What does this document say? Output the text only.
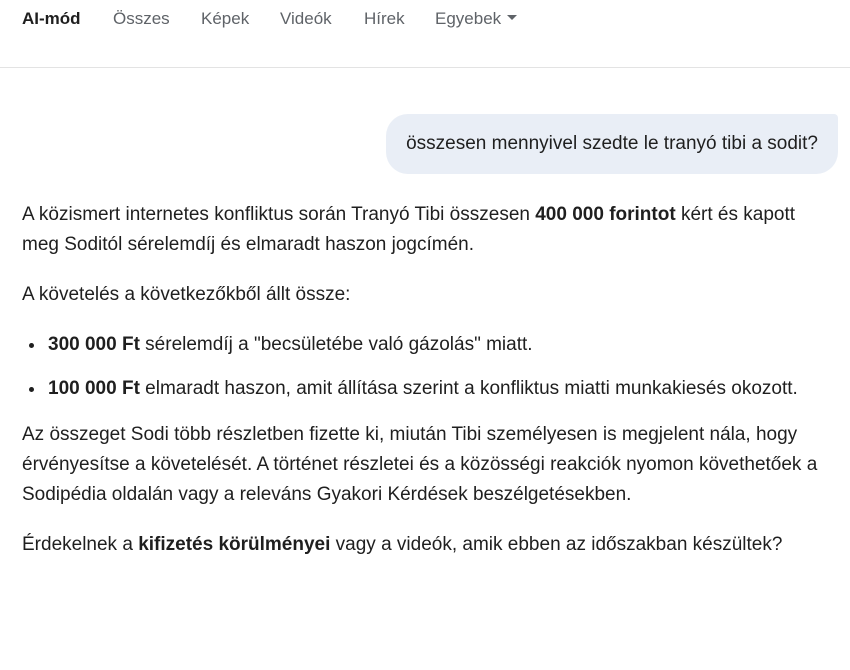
AI-mód Összes Képek Videók Hírek Egyebek
összesen mennyivel szedte le tranyó tibi a sodit?

A közismert internetes konfliktus során Tranyó Tibi összesen 400 000 forintot kért és kapott meg Soditól sérelemdíj és elmaradt haszon jogcímén.

A követelés a következőkből állt össze:

• 300 000 Ft sérelemdíj a "becsületébe való gázolás" miatt.
• 100 000 Ft elmaradt haszon, amit állítása szerint a konfliktus miatti munkakiesés okozott.

Az összeget Sodi több részletben fizette ki, miután Tibi személyesen is megjelent nála, hogy érvényesítse a követelését. A történet részletei és a közösségi reakciók nyomon követhetőek a Sodipédia oldalán vagy a releváns Gyakori Kérdések beszélgetésekben.

Érdekelnek a kifizetés körülményei vagy a videók, amik ebben az időszakban készültek?
